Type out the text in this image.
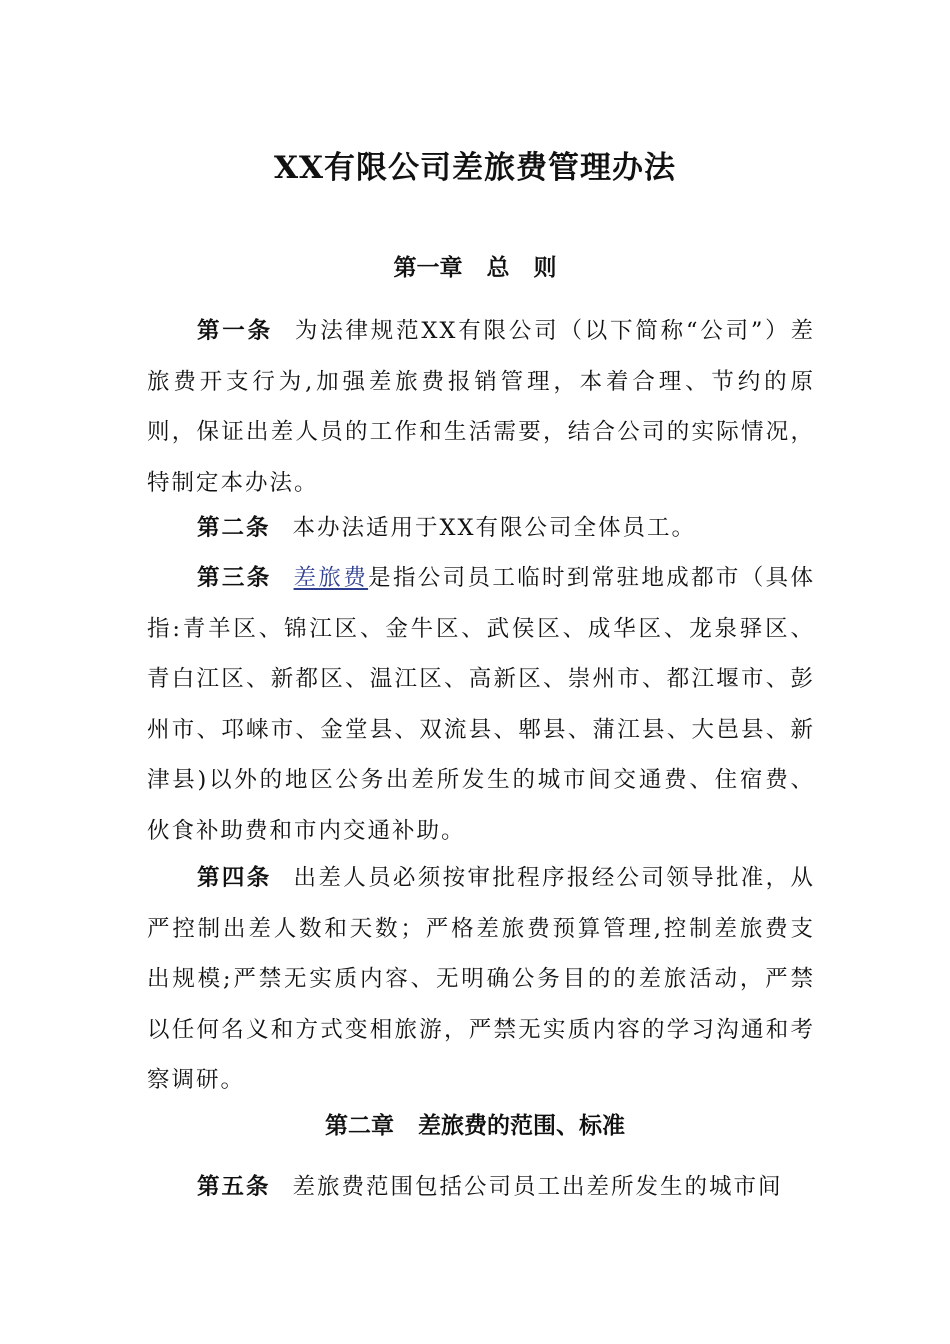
XX有限公司差旅费管理办法
第一章   总   则

第一条 为法律规范XX有限公司（以下简称“公司”）差旅费开支行为,加强差旅费报销管理，本着合理、节约的原则，保证出差人员的工作和生活需要，结合公司的实际情况，特制定本办法。

第二条 本办法适用于XX有限公司全体员工。

第三条 差旅费是指公司员工临时到常驻地成都市（具体指:青羊区、锦江区、金牛区、武侯区、成华区、龙泉驿区、青白江区、新都区、温江区、高新区、崇州市、都江堰市、彭州市、邛崃市、金堂县、双流县、郫县、蒲江县、大邑县、新津县)以外的地区公务出差所发生的城市间交通费、住宿费、伙食补助费和市内交通补助。

第四条 出差人员必须按审批程序报经公司领导批准，从严控制出差人数和天数；严格差旅费预算管理,控制差旅费支出规模;严禁无实质内容、无明确公务目的的差旅活动，严禁以任何名义和方式变相旅游，严禁无实质内容的学习沟通和考察调研。

第二章   差旅费的范围、标准

第五条 差旅费范围包括公司员工出差所发生的城市间
